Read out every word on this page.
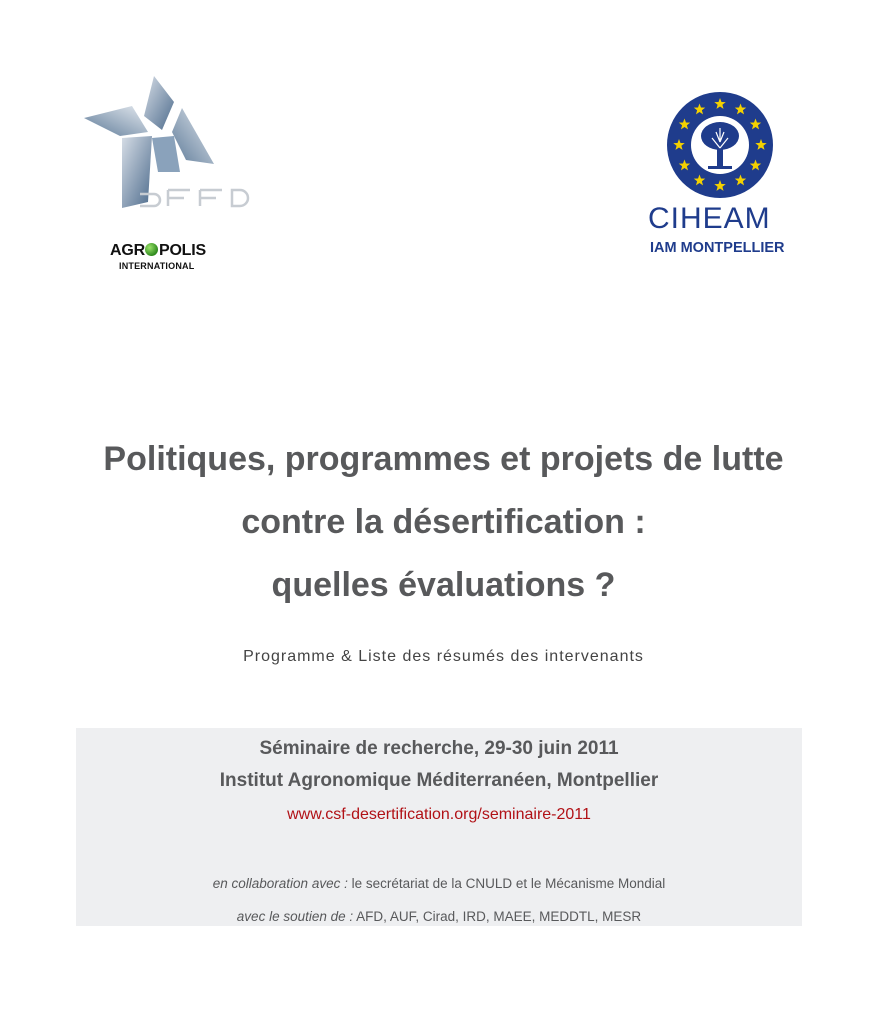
AGR POLIS
INTERNATIONAL
CIHEAM
IAM MONTPELLIER
Politiques, programmes et projets de lutte
contre la désertification :
quelles évaluations ?
Programme & Liste des résumés des intervenants
Séminaire de recherche, 29-30 juin 2011
Institut Agronomique Méditerranéen, Montpellier
www.csf-desertification.org/seminaire-2011
en collaboration avec : le secrétariat de la CNULD et le Mécanisme Mondial
avec le soutien de : AFD, AUF, Cirad, IRD, MAEE, MEDDTL, MESR
